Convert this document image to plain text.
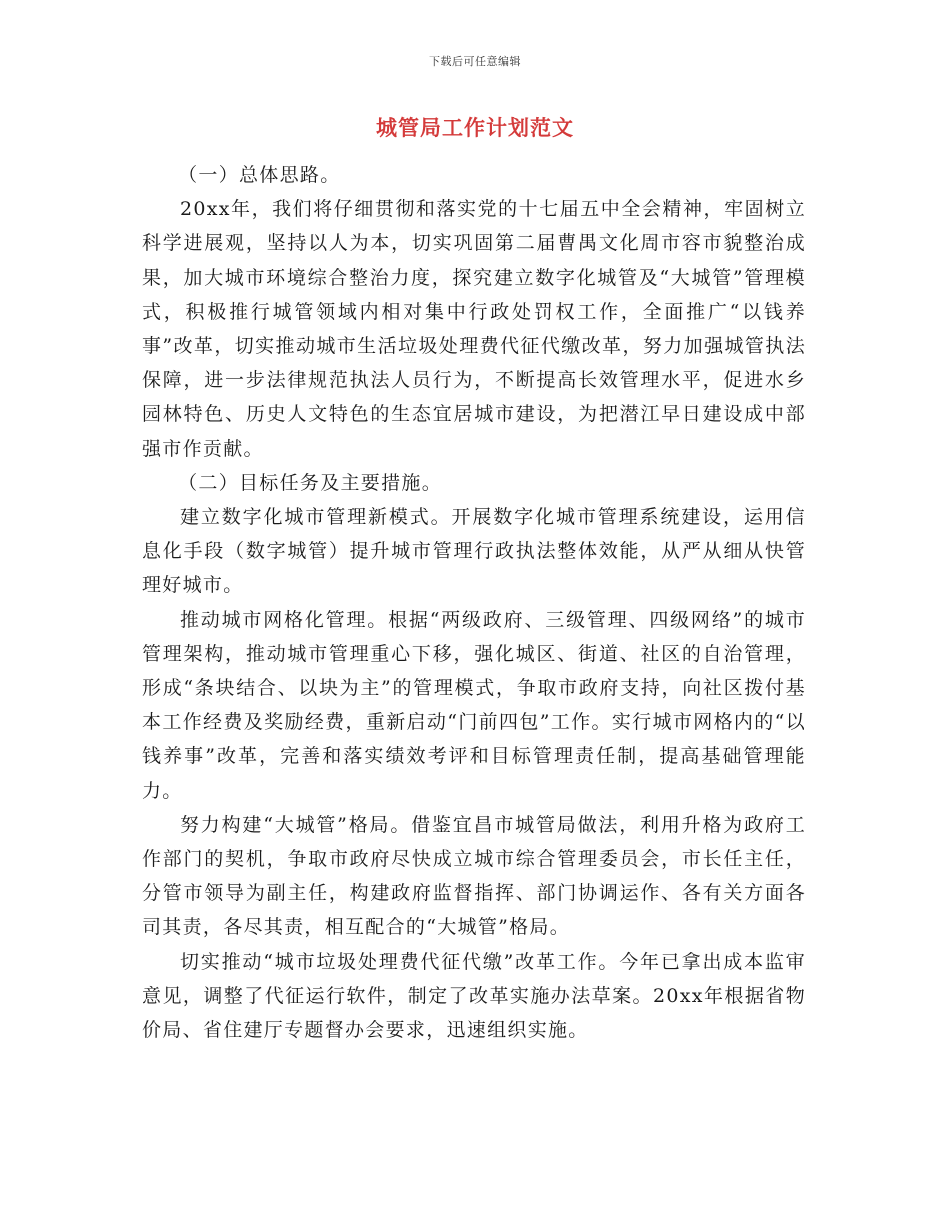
下载后可任意编辑
城管局工作计划范文

（一）总体思路。

20xx年，我们将仔细贯彻和落实党的十七届五中全会精神，牢固树立科学进展观，坚持以人为本，切实巩固第二届曹禺文化周市容市貌整治成果，加大城市环境综合整治力度，探究建立数字化城管及“大城管”管理模式，积极推行城管领域内相对集中行政处罚权工作，全面推广“以钱养事”改革，切实推动城市生活垃圾处理费代征代缴改革，努力加强城管执法保障，进一步法律规范执法人员行为，不断提高长效管理水平，促进水乡园林特色、历史人文特色的生态宜居城市建设，为把潜江早日建设成中部强市作贡献。

（二）目标任务及主要措施。

建立数字化城市管理新模式。开展数字化城市管理系统建设，运用信息化手段（数字城管）提升城市管理行政执法整体效能，从严从细从快管理好城市。

推动城市网格化管理。根据“两级政府、三级管理、四级网络”的城市管理架构，推动城市管理重心下移，强化城区、街道、社区的自治管理，形成“条块结合、以块为主”的管理模式，争取市政府支持，向社区拨付基本工作经费及奖励经费，重新启动“门前四包”工作。实行城市网格内的“以钱养事”改革，完善和落实绩效考评和目标管理责任制，提高基础管理能力。

努力构建“大城管”格局。借鉴宜昌市城管局做法，利用升格为政府工作部门的契机，争取市政府尽快成立城市综合管理委员会，市长任主任，分管市领导为副主任，构建政府监督指挥、部门协调运作、各有关方面各司其责，各尽其责，相互配合的“大城管”格局。

切实推动“城市垃圾处理费代征代缴”改革工作。今年已拿出成本监审意见，调整了代征运行软件，制定了改革实施办法草案。20xx年根据省物价局、省住建厅专题督办会要求，迅速组织实施。
